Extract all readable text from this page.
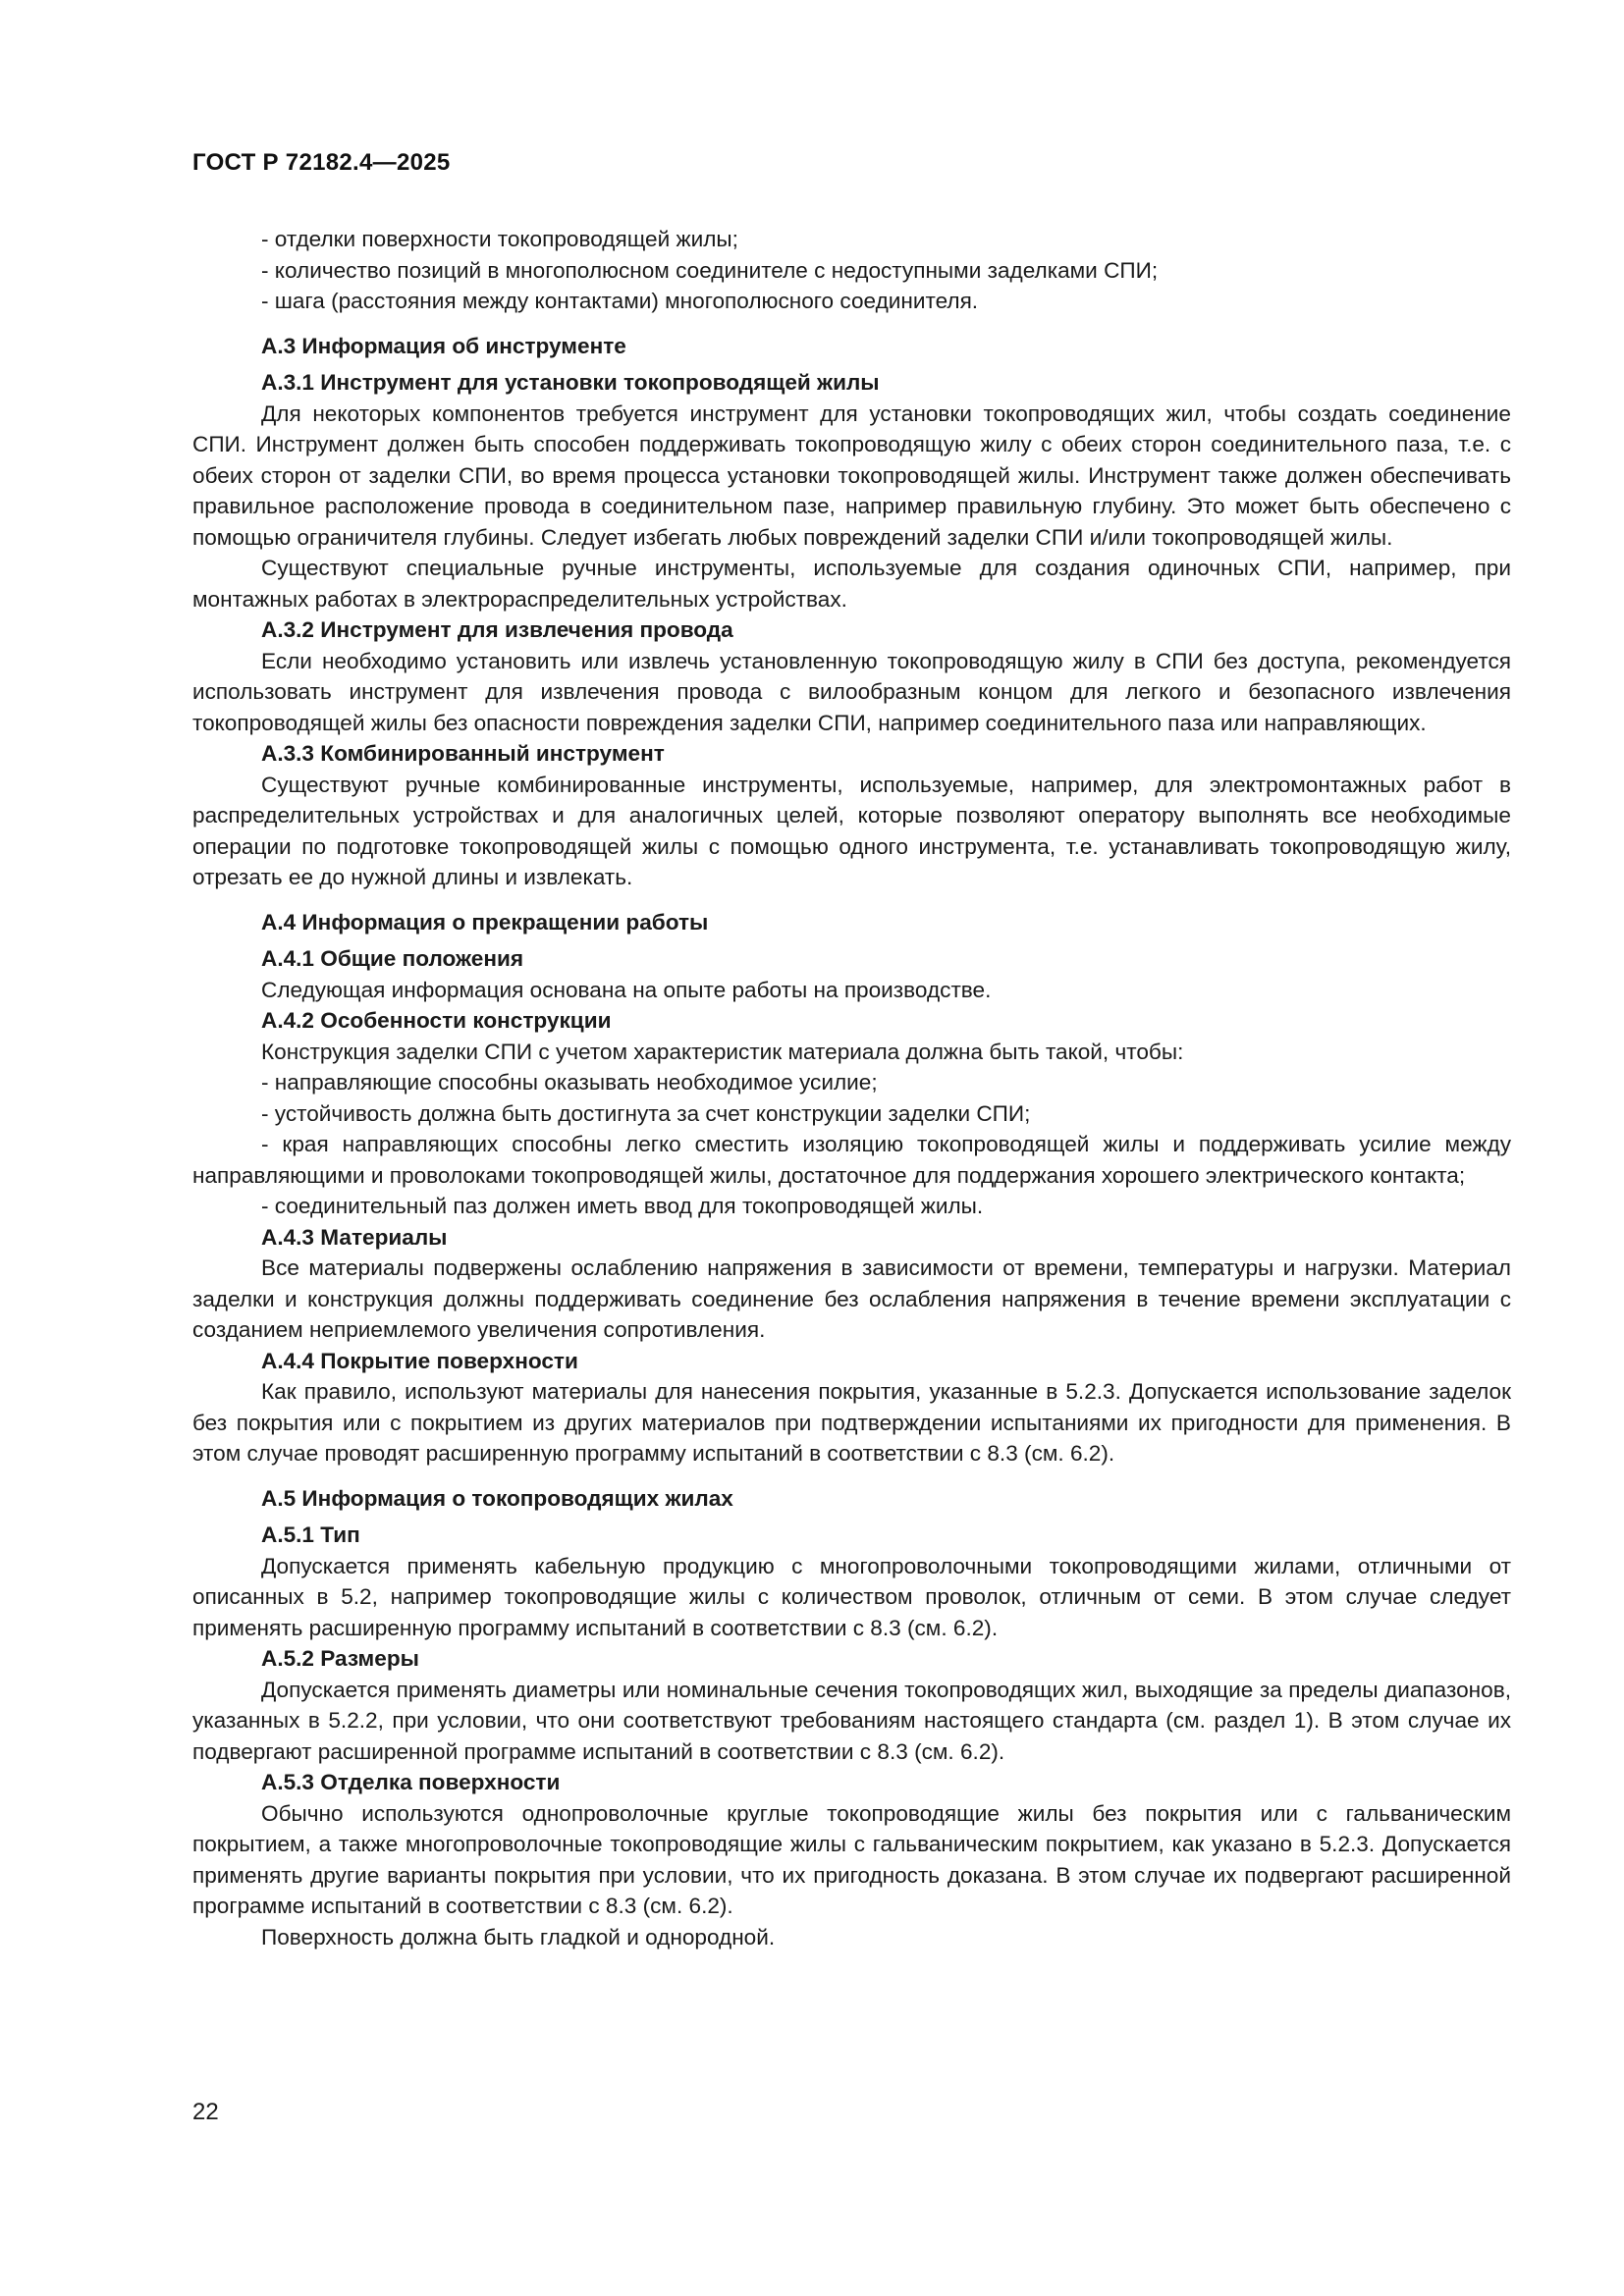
ГОСТ Р 72182.4—2025

- отделки поверхности токопроводящей жилы;

- количество позиций в многополюсном соединителе с недоступными заделками СПИ;

- шага (расстояния между контактами) многополюсного соединителя.

А.3 Информация об инструменте

А.3.1 Инструмент для установки токопроводящей жилы

Для некоторых компонентов требуется инструмент для установки токопроводящих жил, чтобы создать соединение СПИ. Инструмент должен быть способен поддерживать токопроводящую жилу с обеих сторон соединительного паза, т.е. с обеих сторон от заделки СПИ, во время процесса установки токопроводящей жилы. Инструмент также должен обеспечивать правильное расположение провода в соединительном пазе, например правильную глубину. Это может быть обеспечено с помощью ограничителя глубины. Следует избегать любых повреждений заделки СПИ и/или токопроводящей жилы.

Существуют специальные ручные инструменты, используемые для создания одиночных СПИ, например, при монтажных работах в электрораспределительных устройствах.

А.3.2 Инструмент для извлечения провода

Если необходимо установить или извлечь установленную токопроводящую жилу в СПИ без доступа, рекомендуется использовать инструмент для извлечения провода с вилообразным концом для легкого и безопасного извлечения токопроводящей жилы без опасности повреждения заделки СПИ, например соединительного паза или направляющих.

А.3.3 Комбинированный инструмент

Существуют ручные комбинированные инструменты, используемые, например, для электромонтажных работ в распределительных устройствах и для аналогичных целей, которые позволяют оператору выполнять все необходимые операции по подготовке токопроводящей жилы с помощью одного инструмента, т.е. устанавливать токопроводящую жилу, отрезать ее до нужной длины и извлекать.

А.4 Информация о прекращении работы

А.4.1 Общие положения

Следующая информация основана на опыте работы на производстве.

А.4.2 Особенности конструкции

Конструкция заделки СПИ с учетом характеристик материала должна быть такой, чтобы:

- направляющие способны оказывать необходимое усилие;

- устойчивость должна быть достигнута за счет конструкции заделки СПИ;

- края направляющих способны легко сместить изоляцию токопроводящей жилы и поддерживать усилие между направляющими и проволоками токопроводящей жилы, достаточное для поддержания хорошего электрического контакта;

- соединительный паз должен иметь ввод для токопроводящей жилы.

А.4.3 Материалы

Все материалы подвержены ослаблению напряжения в зависимости от времени, температуры и нагрузки. Материал заделки и конструкция должны поддерживать соединение без ослабления напряжения в течение времени эксплуатации с созданием неприемлемого увеличения сопротивления.

А.4.4 Покрытие поверхности

Как правило, используют материалы для нанесения покрытия, указанные в 5.2.3. Допускается использование заделок без покрытия или с покрытием из других материалов при подтверждении испытаниями их пригодности для применения. В этом случае проводят расширенную программу испытаний в соответствии с 8.3 (см. 6.2).

А.5 Информация о токопроводящих жилах

А.5.1 Тип

Допускается применять кабельную продукцию с многопроволочными токопроводящими жилами, отличными от описанных в 5.2, например токопроводящие жилы с количеством проволок, отличным от семи. В этом случае следует применять расширенную программу испытаний в соответствии с 8.3 (см. 6.2).

А.5.2 Размеры

Допускается применять диаметры или номинальные сечения токопроводящих жил, выходящие за пределы диапазонов, указанных в 5.2.2, при условии, что они соответствуют требованиям настоящего стандарта (см. раздел 1). В этом случае их подвергают расширенной программе испытаний в соответствии с 8.3 (см. 6.2).

А.5.3 Отделка поверхности

Обычно используются однопроволочные круглые токопроводящие жилы без покрытия или с гальваническим покрытием, а также многопроволочные токопроводящие жилы с гальваническим покрытием, как указано в 5.2.3. Допускается применять другие варианты покрытия при условии, что их пригодность доказана. В этом случае их подвергают расширенной программе испытаний в соответствии с 8.3 (см. 6.2).

Поверхность должна быть гладкой и однородной.

22
